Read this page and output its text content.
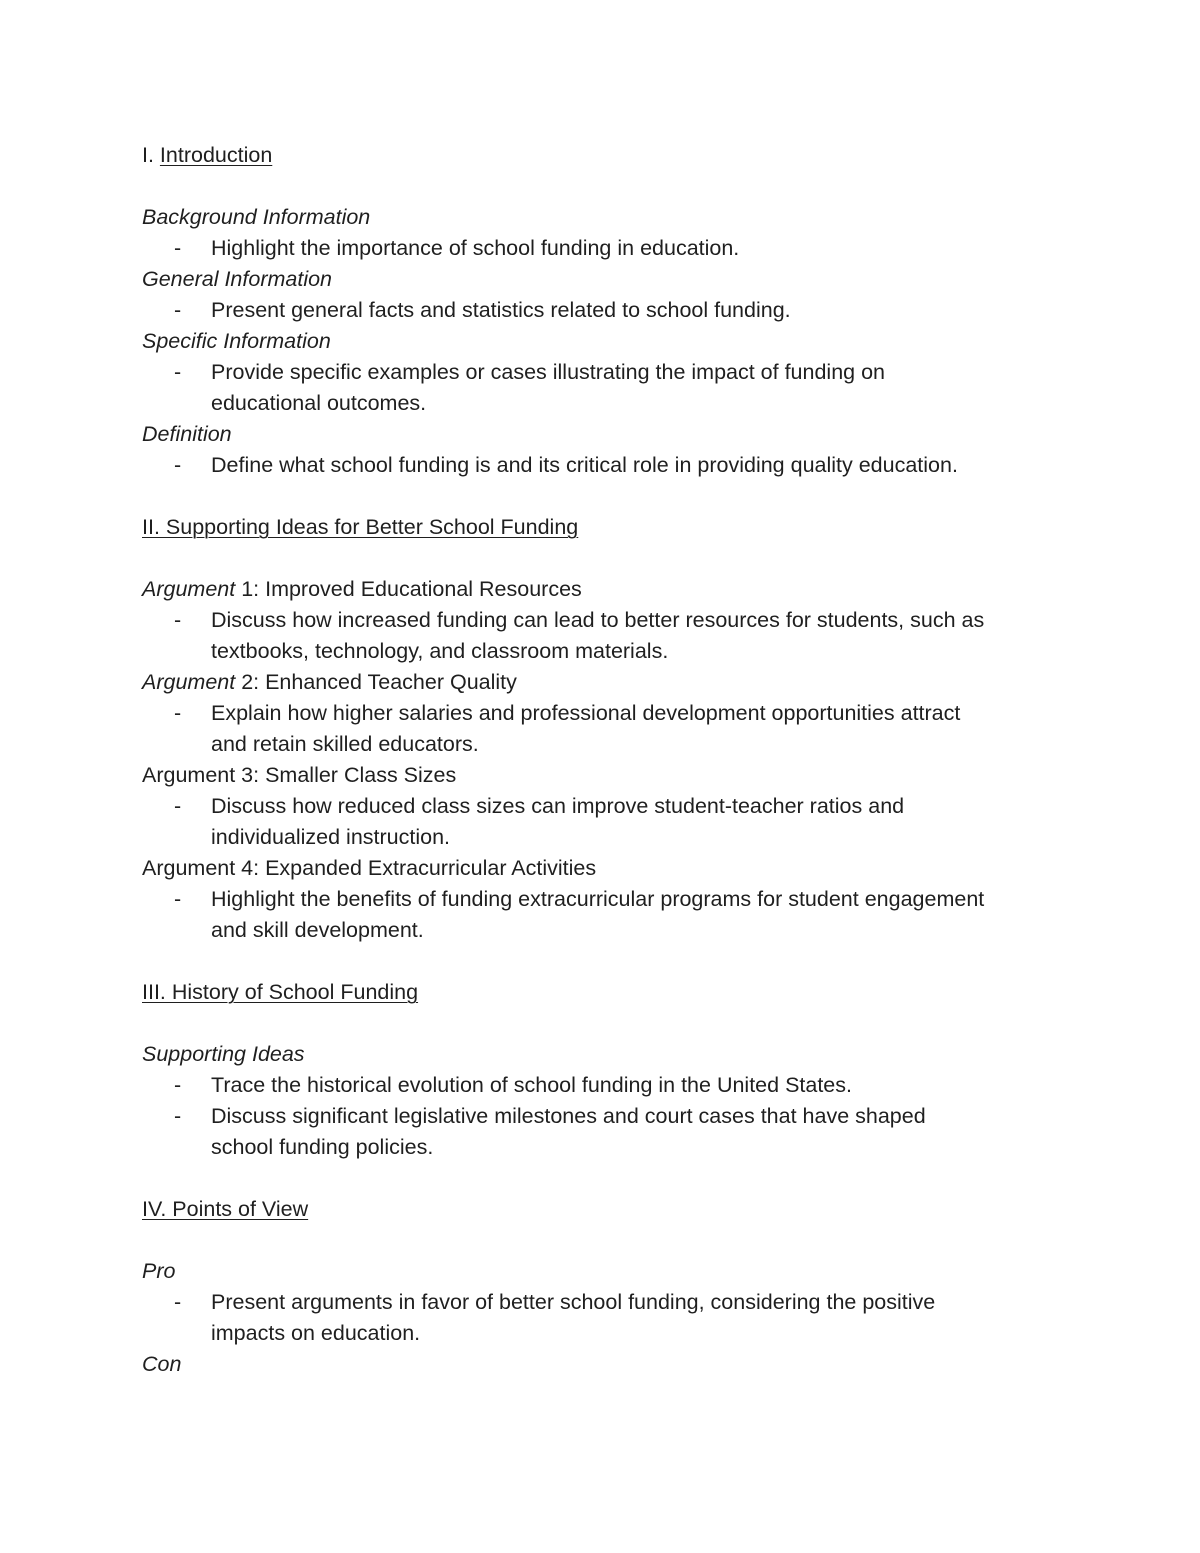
I. Introduction
Background Information
- Highlight the importance of school funding in education.
General Information
- Present general facts and statistics related to school funding.
Specific Information
- Provide specific examples or cases illustrating the impact of funding on
educational outcomes.
Definition
- Define what school funding is and its critical role in providing quality education.
II. Supporting Ideas for Better School Funding
Argument 1: Improved Educational Resources
- Discuss how increased funding can lead to better resources for students, such as
textbooks, technology, and classroom materials.
Argument 2: Enhanced Teacher Quality
- Explain how higher salaries and professional development opportunities attract
and retain skilled educators.
Argument 3: Smaller Class Sizes
- Discuss how reduced class sizes can improve student-teacher ratios and
individualized instruction.
Argument 4: Expanded Extracurricular Activities
- Highlight the benefits of funding extracurricular programs for student engagement
and skill development.
III. History of School Funding
Supporting Ideas
- Trace the historical evolution of school funding in the United States.
- Discuss significant legislative milestones and court cases that have shaped
school funding policies.
IV. Points of View
Pro
- Present arguments in favor of better school funding, considering the positive
impacts on education.
Con
